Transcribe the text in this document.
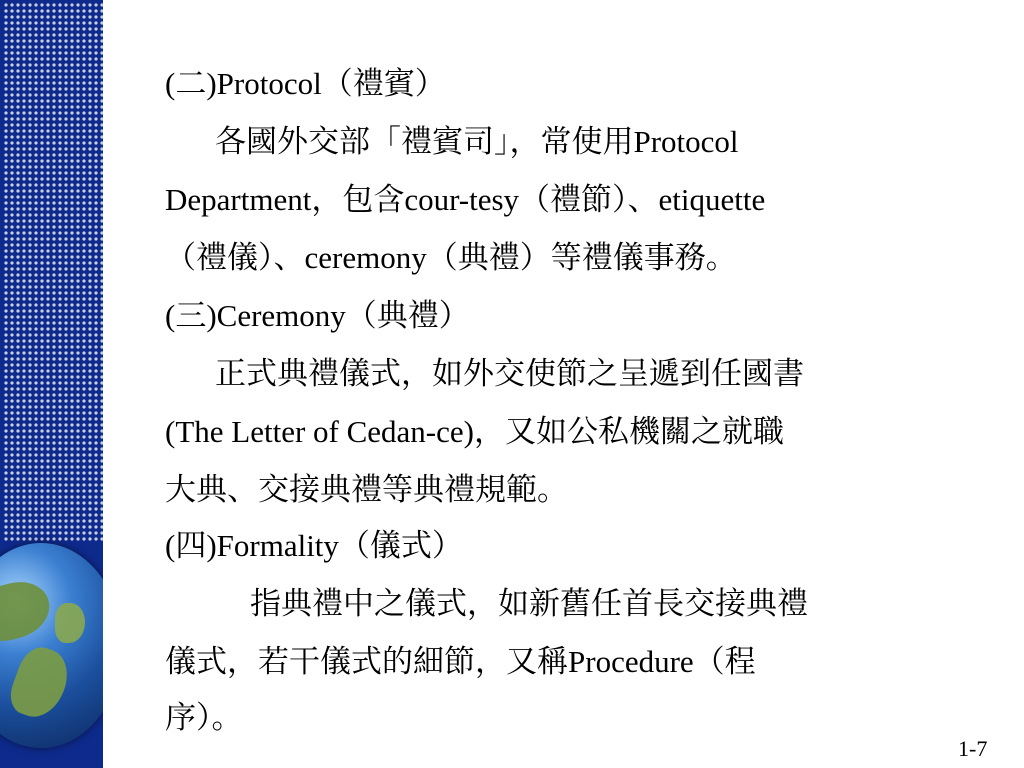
(二)Protocol（禮賓）
各國外交部「禮賓司」，常使用Protocol
Department，包含cour-tesy（禮節）、etiquette
（禮儀）、ceremony（典禮）等禮儀事務。
(三)Ceremony（典禮）
正式典禮儀式，如外交使節之呈遞到任國書
(The Letter of Cedan-ce)，又如公私機關之就職
大典、交接典禮等典禮規範。
(四)Formality（儀式）
指典禮中之儀式，如新舊任首長交接典禮
儀式，若干儀式的細節，又稱Procedure（程
序）。
1-7
